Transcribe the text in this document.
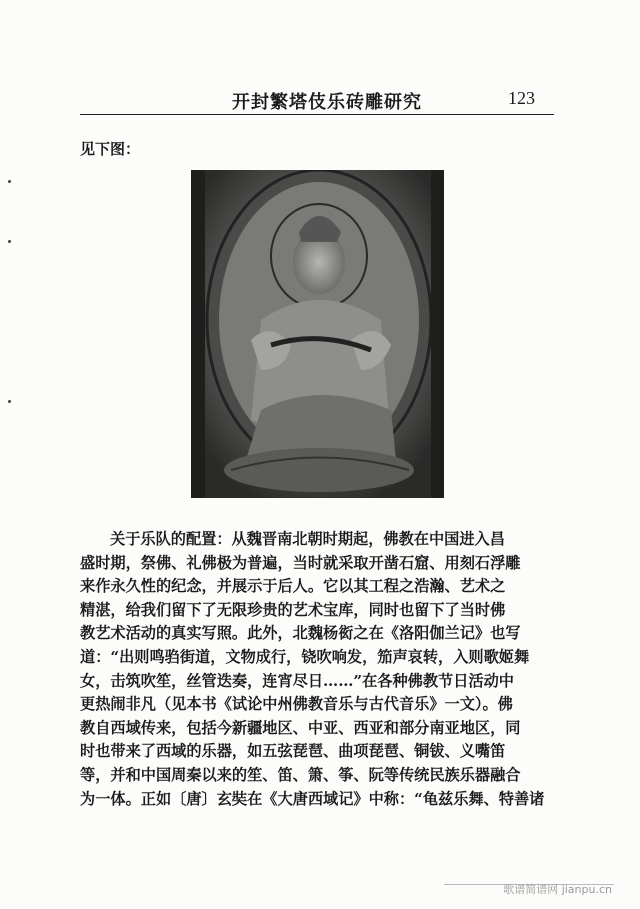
开封繁塔伎乐砖雕研究	123
见下图：
关于乐队的配置：从魏晋南北朝时期起，佛教在中国进入昌
盛时期，祭佛、礼佛极为普遍，当时就采取开凿石窟、用刻石浮雕
来作永久性的纪念，并展示于后人。它以其工程之浩瀚、艺术之
精湛，给我们留下了无限珍贵的艺术宝库，同时也留下了当时佛
教艺术活动的真实写照。此外，北魏杨衒之在《洛阳伽兰记》也写
道：“出则鸣驺街道，文物成行，铙吹响发，笳声哀转，入则歌姬舞
女，击筑吹笙，丝管迭奏，连宵尽日……”在各种佛教节日活动中
更热闹非凡（见本书《试论中州佛教音乐与古代音乐》一文）。佛
教自西域传来，包括今新疆地区、中亚、西亚和部分南亚地区，同
时也带来了西域的乐器，如五弦琵琶、曲项琵琶、铜钹、义嘴笛
等，并和中国周秦以来的笙、笛、箫、筝、阮等传统民族乐器融合
为一体。正如〔唐〕玄奘在《大唐西域记》中称：“龟兹乐舞、特善诸
歌谱简谱网 jianpu.cn
